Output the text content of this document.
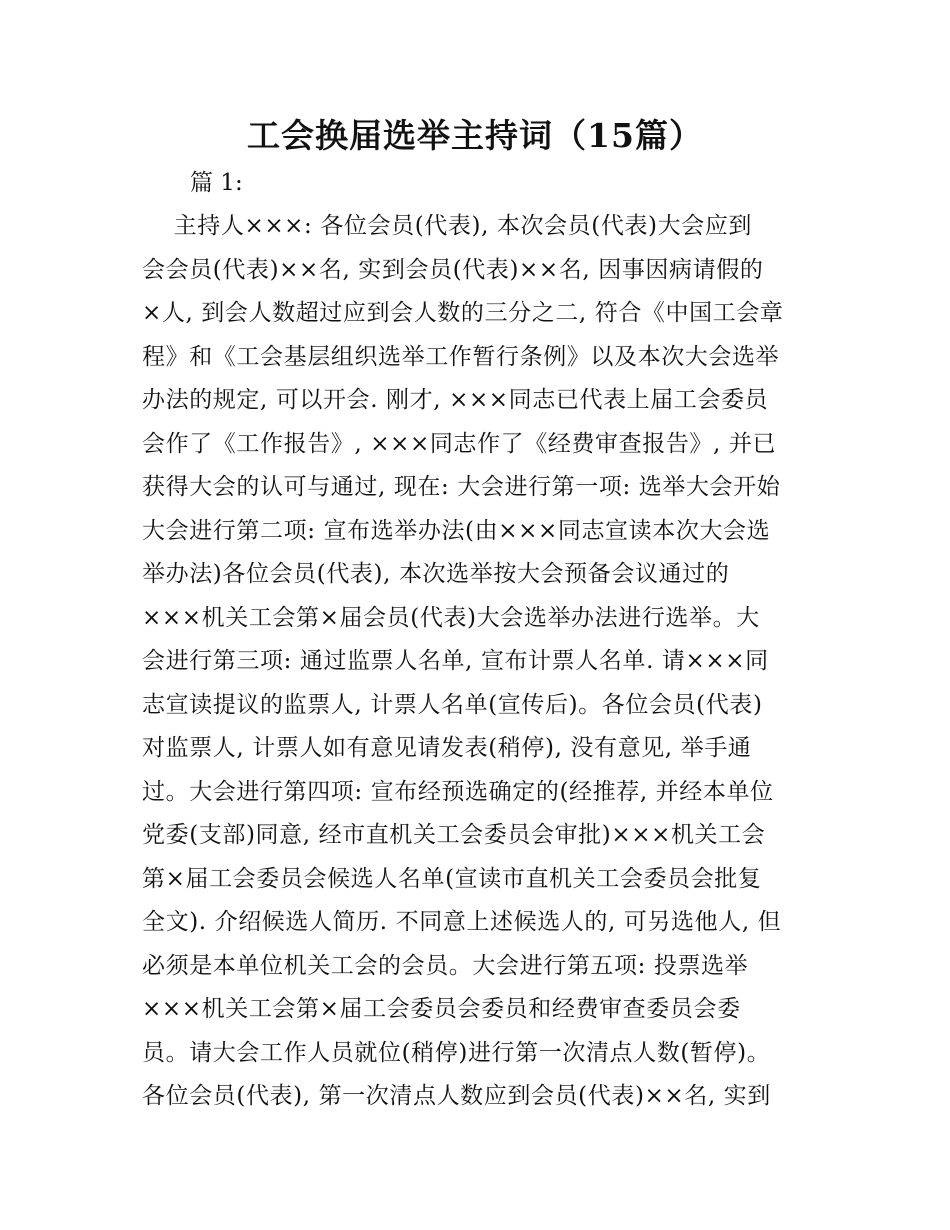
工会换届选举主持词（15篇）

篇 1:

主持人×××: 各位会员(代表), 本次会员(代表)大会应到
会会员(代表)××名, 实到会员(代表)××名, 因事因病请假的
×人, 到会人数超过应到会人数的三分之二, 符合《中国工会章
程》和《工会基层组织选举工作暂行条例》以及本次大会选举
办法的规定, 可以开会. 刚才, ×××同志已代表上届工会委员
会作了《工作报告》, ×××同志作了《经费审查报告》, 并已
获得大会的认可与通过, 现在: 大会进行第一项: 选举大会开始
大会进行第二项: 宣布选举办法(由×××同志宣读本次大会选
举办法)各位会员(代表), 本次选举按大会预备会议通过的
×××机关工会第×届会员(代表)大会选举办法进行选举。大
会进行第三项: 通过监票人名单, 宣布计票人名单. 请×××同
志宣读提议的监票人, 计票人名单(宣传后)。各位会员(代表)
对监票人, 计票人如有意见请发表(稍停), 没有意见, 举手通
过。大会进行第四项: 宣布经预选确定的(经推荐, 并经本单位
党委(支部)同意, 经市直机关工会委员会审批)×××机关工会
第×届工会委员会候选人名单(宣读市直机关工会委员会批复
全文). 介绍候选人简历. 不同意上述候选人的, 可另选他人, 但
必须是本单位机关工会的会员。大会进行第五项: 投票选举
×××机关工会第×届工会委员会委员和经费审查委员会委
员。请大会工作人员就位(稍停)进行第一次清点人数(暂停)。
各位会员(代表), 第一次清点人数应到会员(代表)××名, 实到
